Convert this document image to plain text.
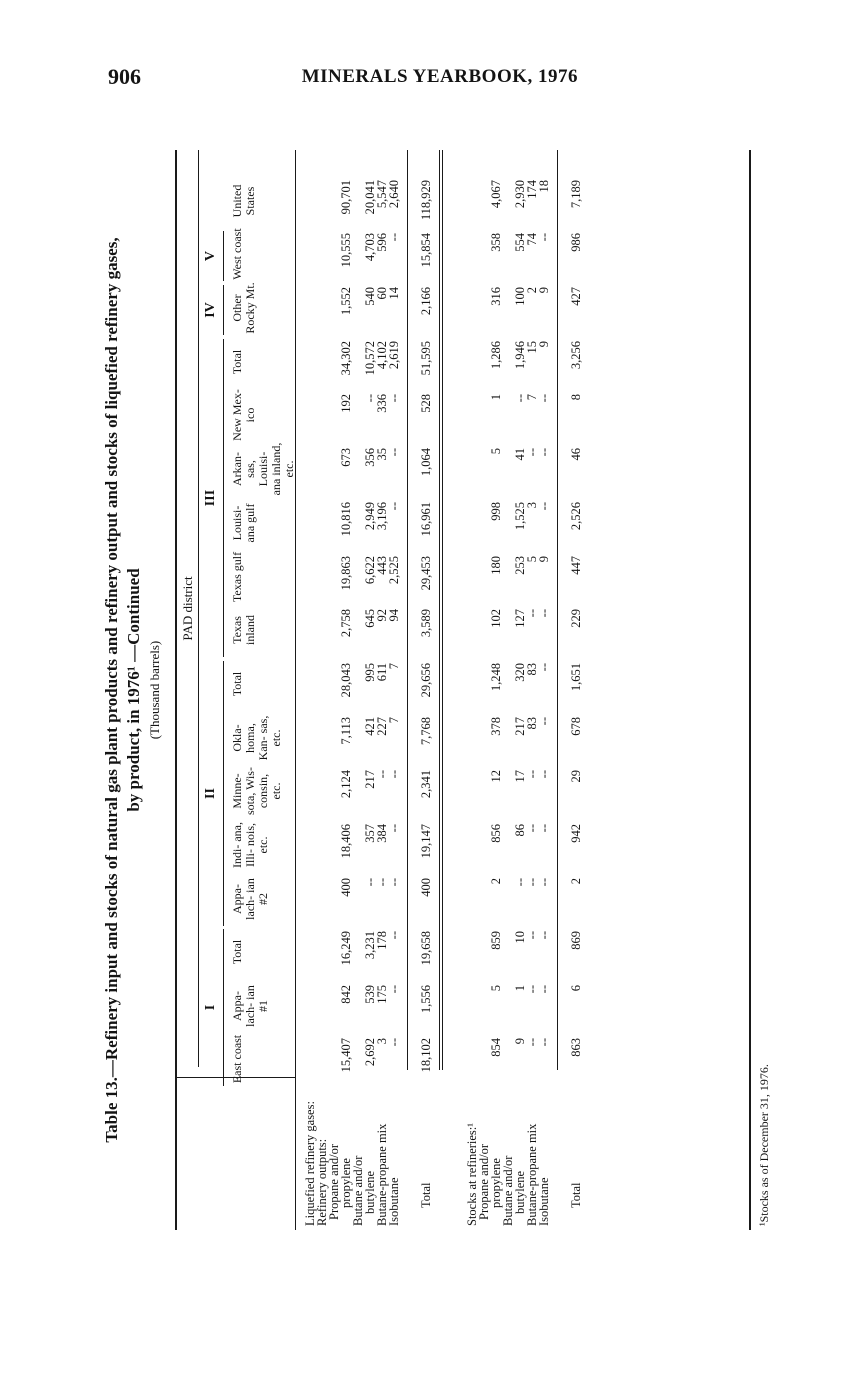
906	MINERALS YEARBOOK, 1976
Table 13.—Refinery input and stocks of natural gas plant products and refinery output and stocks of liquefied refinery gases, by product, in 1976¹ —Continued (Thousand barrels)
PAD district
I
II
III
IV
V
East coast
Appa- lach- ian #1
Total
Appa- lach- ian #2
Indi- ana, Illi- nois, etc.
Minne- sota, Wis- consin, etc.
Okla- homa, Kan- sas, etc.
Total
Texas inland
Texas gulf
Louisi- ana gulf
Arkan- sas, Louisi- ana inland, etc.
New Mex- ico
Total
Other Rocky Mt.
West coast
United States
Liquefied refinery gases:
Refinery outputs:
Propane and/or
propylene
Butane and/or
butylene
Butane-propane mix
Isobutane Total	Stocks at refineries:¹
Propane and/or
propylene
Butane and/or
butylene
Butane-propane mix
Isobutane Total
15,407
842
16,249
400
18,406
2,124
7,113
28,043
2,758
19,863
10,816
673
192
34,302
1,552
10,555
90,701
2,692
539
3,231
--
357
217
421
995
645
6,622
2,949
356
--
10,572
540
4,703
20,041
3
175
178
--
384
--
227
611
92
443
3,196
35
336
4,102
60
596
5,547
--
--
--
--
--
--
7
7
94
2,525
--
--
--
2,619
14
--
2,640
18,102
1,556
19,658
400
19,147
2,341
7,768
29,656
3,589
29,453
16,961
1,064
528
51,595
2,166
15,854
118,929
854
5
859
2
856
12
378
1,248
102
180
998
5
1
1,286
316
358
4,067
9
1
10
--
86
17
217
320
127
253
1,525
41
--
1,946
100
554
2,930
--
--
--
--
--
--
83
83
--
5
3
--
7
15
2
74
174
--
--
--
--
--
--
--
--
--
9
--
--
--
9
9
--
18
863
6
869
2
942
29
678
1,651
229
447
2,526
46
8
3,256
427
986
7,189
¹Stocks as of December 31, 1976.
